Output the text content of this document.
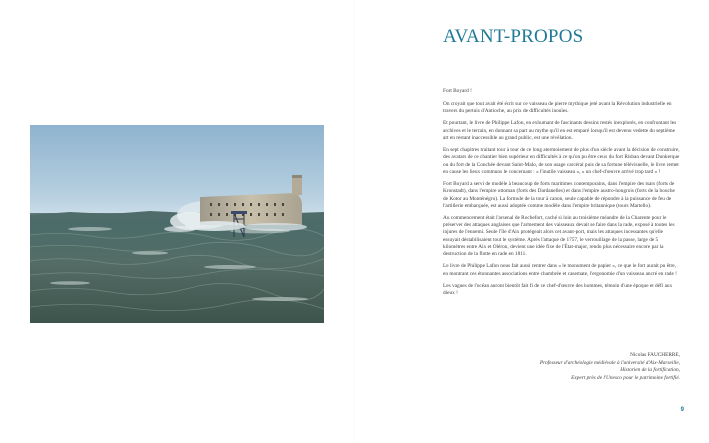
AVANT-PROPOS

Fort Boyard !

On croyait que tout avait été écrit sur ce vaisseau de pierre mythique jeté avant la Révolution industrielle en travers du pertuis d'Antioche, au prix de difficultés inouïes.

Et pourtant, le livre de Philippe Lafon, en exhumant de fascinants dessins restés inexplorés, en confrontant les archives et le terrain, en donnant sa part au mythe qu'il en est emparé lorsqu'il est devenu vedette du septième art en restant inaccessible au grand public, est une révélation.

En sept chapitres traitant tour à tour de ce long atermoiement de plus d'un siècle avant la décision de construire, des avatars de ce chantier bien supérieur en difficultés à ce qu'on pu être ceux du fort Risban devant Dunkerque ou du fort de la Conchée devant Saint-Malo, de son usage carcéral puis de sa fortune télévisuelle, le livre remet en cause les lieux communs le concernant : « l'inutile vaisseau », « un chef-d'œuvre arrivé trop tard » !

Fort Boyard a servi de modèle à beaucoup de forts maritimes contemporains, dans l'empire des tsars (forts de Kronstadt), dans l'empire ottoman (forts des Dardanelles) et dans l'empire austro-hongrois (forts de la bouche de Kotor au Monténégro). La formule de la tour à canon, seule capable de répondre à la puissance de feu de l'artillerie embarquée, est aussi adoptée comme modèle dans l'empire britannique (tours Martello).

Au commencement était l'arsenal de Rochefort, caché si loin au troisième méandre de la Charente pour le préserver des attaques anglaises que l'armement des vaisseaux devait se faire dans la rade, exposé à toutes les injures de l'ennemi. Seule l'île d'Aix protégeait alors cet avant-port, mais les attaques incessantes qu'elle essuyait déstabilisaient tout le système. Après l'attaque de 1757, le verrouillage de la passe, large de 5 kilomètres entre Aix et Oléron, devient une idée fixe de l'État-major, rendu plus nécessaire encore par la destruction de la flotte en rade en 1811.

Le livre de Philippe Lafon nous fait aussi rentrer dans « le monument de papier », ce que le fort aurait pu être, en montrant ces étonnantes associations entre chambrée et casemate, l'ergonomie d'un vaisseau ancré en rade !

Les vagues de l'océan auront bientôt fait fi de ce chef-d'œuvre des hommes, témoin d'une époque et défi aux dieux !

Nicolas FAUCHERRE,
Professeur d'archéologie médiévale à l'université d'Aix-Marseille,
Historien de la fortification,
Expert près de l'Unesco pour le patrimoine fortifié.
9
